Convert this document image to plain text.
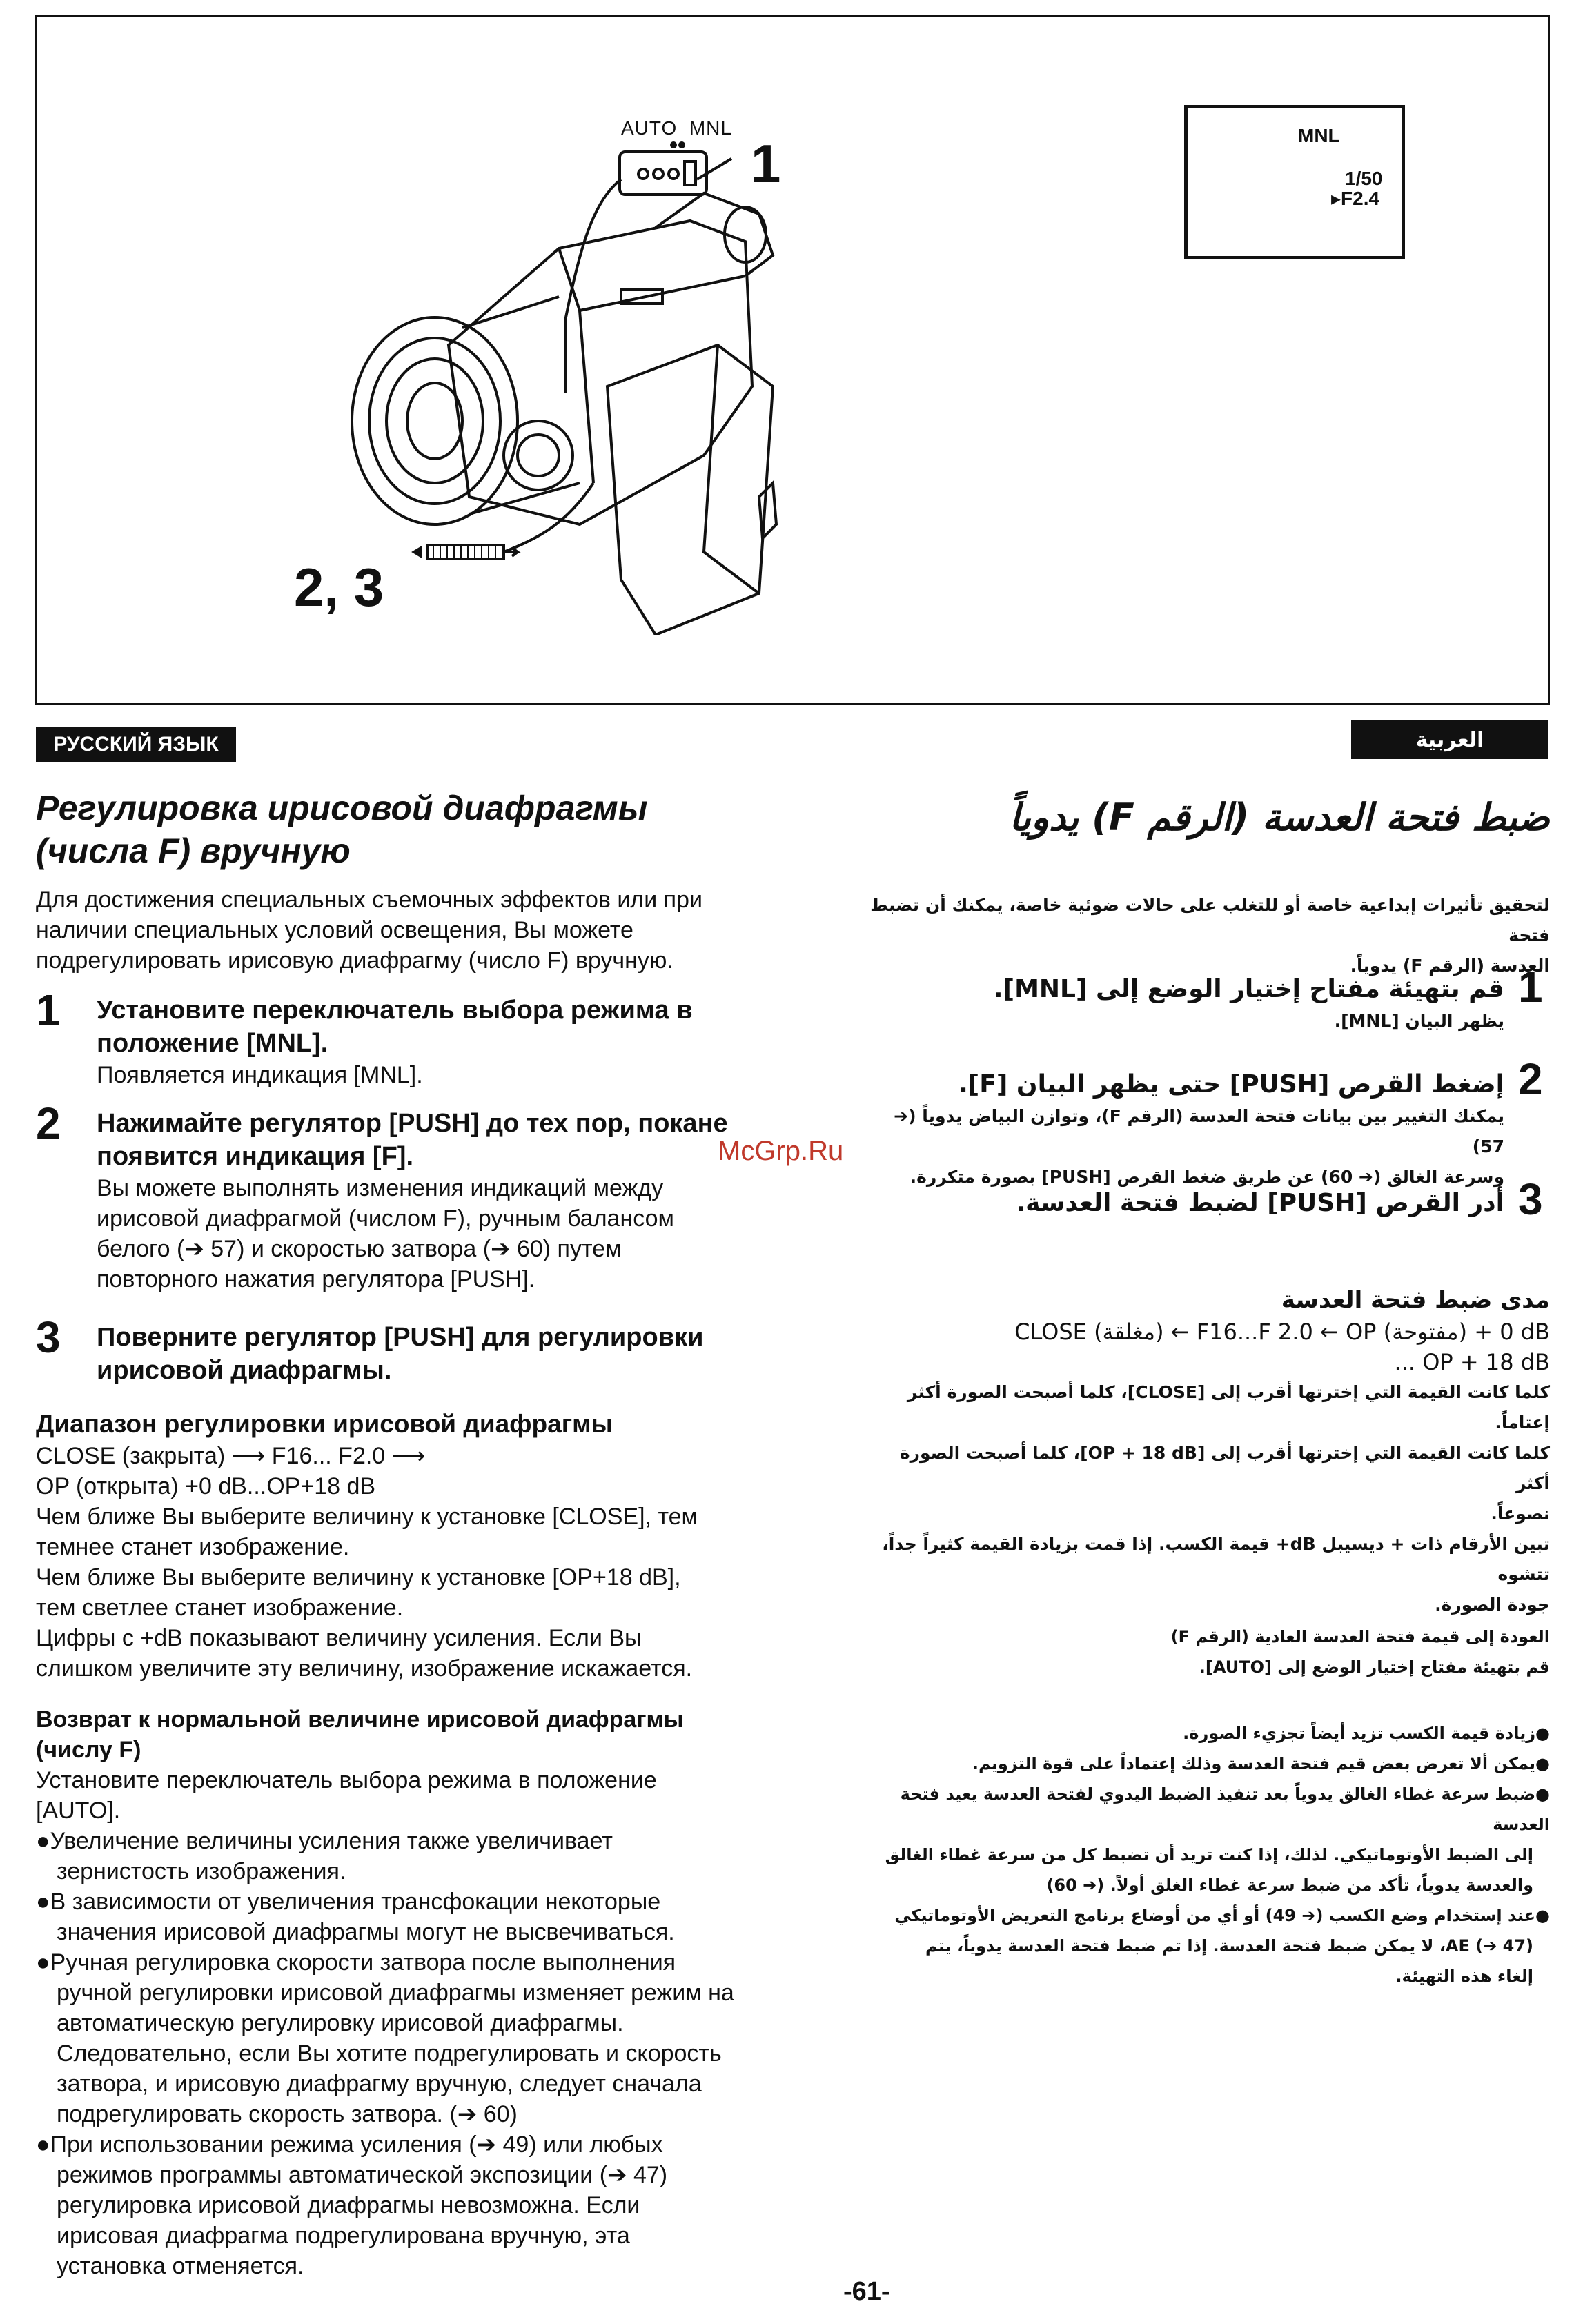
AUTO  MNL
1
2, 3
MNL
1/50
▸F2.4
РУССКИЙ ЯЗЫК	العربية
Регулировка ирисовой диафрагмы
(числа F) вручную
Для достижения специальных съемочных эффектов или при
наличии специальных условий освещения, Вы можете
подрегулировать ирисовую диафрагму (число F) вручную.
1 Установите переключатель выбора режима в
положение [MNL].
Появляется индикация [MNL].
2 Нажимайте регулятор [PUSH] до тех пор, покане
появится индикация [F].
Вы можете выполнять изменения индикаций между
ирисовой диафрагмой (числом F), ручным балансом
белого (➔ 57) и скоростью затвора (➔ 60) путем
повторного нажатия регулятора [PUSH].
3 Поверните регулятор [PUSH] для регулировки
ирисовой диафрагмы.
Диапазон регулировки ирисовой диафрагмы
CLOSE (закрыта) ⟶ F16... F2.0 ⟶
OP (открыта) +0 dB...OP+18 dB
Чем ближе Вы выберите величину к установке [CLOSE], тем
темнее станет изображение.
Чем ближе Вы выберите величину к установке [OP+18 dB],
тем светлее станет изображение.
Цифры с +dB показывают величину усиления. Если Вы
слишком увеличите эту величину, изображение искажается.
Возврат к нормальной величине ирисовой диафрагмы
(числу F)
Установите переключатель выбора режима в положение
[AUTO].
●Увеличение величины усиления также увеличивает
зернистость изображения.
●В зависимости от увеличения трансфокации некоторые
значения ирисовой диафрагмы могут не высвечиваться.
●Ручная регулировка скорости затвора после выполнения
ручной регулировки ирисовой диафрагмы изменяет режим на
автоматическую регулировку ирисовой диафрагмы.
Следовательно, если Вы хотите подрегулировать и скорость
затвора, и ирисовую диафрагму вручную, следует сначала
подрегулировать скорость затвора. (➔ 60)
●При использовании режима усиления (➔ 49) или любых
режимов программы автоматической экспозиции (➔ 47)
регулировка ирисовой диафрагмы невозможна. Если
ирисовая диафрагма подрегулирована вручную, эта
установка отменяется.
McGrp.Ru
ضبط فتحة العدسة (الرقم F) يدوياً
لتحقيق تأثيرات إبداعية خاصة أو للتغلب على حالات ضوئية خاصة، يمكنك أن تضبط فتحة
العدسة (الرقم F) يدوياً.
1
قم بتهيئة مفتاح إختيار الوضع إلى [MNL].
يظهر البيان [MNL].
2
إضغط القرص [PUSH] حتى يظهر البيان [F].
يمكنك التغيير بين بيانات فتحة العدسة (الرقم F)، وتوازن البياض يدوياً (➔ 57)
وسرعة الغالق (➔ 60) عن طريق ضغط القرص [PUSH] بصورة متكررة. 3
أدر القرص [PUSH] لضبط فتحة العدسة.
مدى ضبط فتحة العدسة
CLOSE (مغلقة) ← F16...F 2.0 ← OP (مفتوحة) + 0 dB
... OP + 18 dB
كلما كانت القيمة التي إخترتها أقرب إلى [CLOSE]، كلما أصبحت الصورة أكثر
إعتاماً.
كلما كانت القيمة التي إخترتها أقرب إلى [OP + 18 dB]، كلما أصبحت الصورة أكثر
نصوعاً.
تبين الأرقام ذات + ديسيبل dB+ قيمة الكسب. إذا قمت بزيادة القيمة كثيراً جداً، تتشوه
جودة الصورة.
العودة إلى قيمة فتحة العدسة العادية (الرقم F)
قم بتهيئة مفتاح إختيار الوضع إلى [AUTO].
●زيادة قيمة الكسب تزيد أيضاً تجزيء الصورة.
●يمكن ألا تعرض بعض قيم فتحة العدسة وذلك إعتماداً على قوة التزويم.
●ضبط سرعة غطاء الغالق يدوياً بعد تنفيذ الضبط اليدوي لفتحة العدسة يعيد فتحة العدسة
إلى الضبط الأوتوماتيكي. لذلك، إذا كنت تريد أن تضبط كل من سرعة غطاء الغالق
والعدسة يدوياً، تأكد من ضبط سرعة غطاء الغلق أولاً. (➔ 60)
●عند إستخدام وضع الكسب (➔ 49) أو أي من أوضاع برنامج التعريض الأوتوماتيكي
AE (➔ 47)، لا يمكن ضبط فتحة العدسة. إذا تم ضبط فتحة العدسة يدوياً، يتم
إلغاء هذه التهيئة.
-61-
